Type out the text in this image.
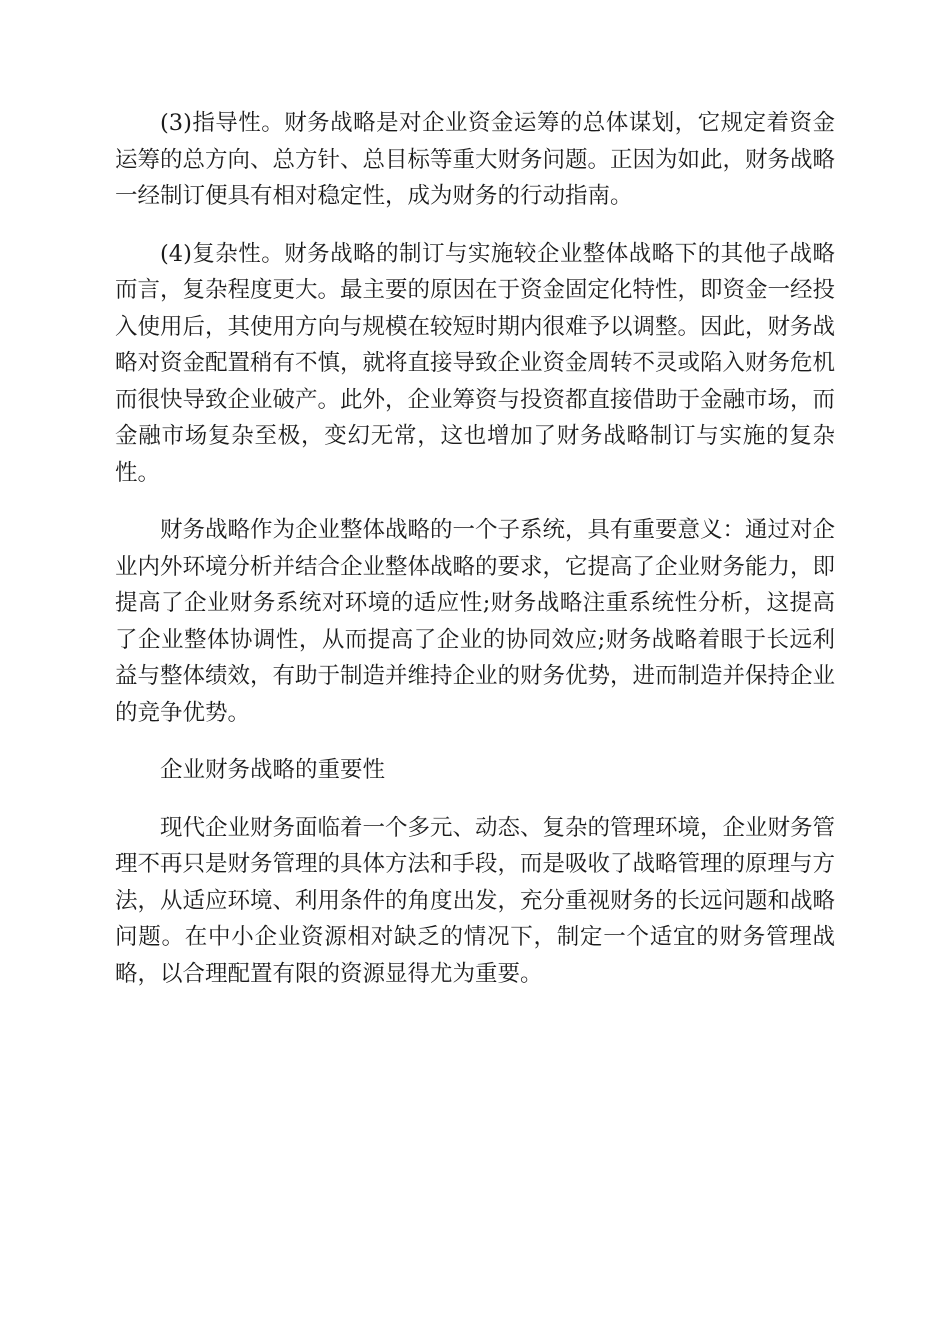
(3)指导性。财务战略是对企业资金运筹的总体谋划，它规定着资金运筹的总方向、总方针、总目标等重大财务问题。正因为如此，财务战略一经制订便具有相对稳定性，成为财务的行动指南。

(4)复杂性。财务战略的制订与实施较企业整体战略下的其他子战略而言，复杂程度更大。最主要的原因在于资金固定化特性，即资金一经投入使用后，其使用方向与规模在较短时期内很难予以调整。因此，财务战略对资金配置稍有不慎，就将直接导致企业资金周转不灵或陷入财务危机而很快导致企业破产。此外，企业筹资与投资都直接借助于金融市场，而金融市场复杂至极，变幻无常，这也增加了财务战略制订与实施的复杂性。

财务战略作为企业整体战略的一个子系统，具有重要意义：通过对企业内外环境分析并结合企业整体战略的要求，它提高了企业财务能力，即提高了企业财务系统对环境的适应性;财务战略注重系统性分析，这提高了企业整体协调性，从而提高了企业的协同效应;财务战略着眼于长远利益与整体绩效，有助于制造并维持企业的财务优势，进而制造并保持企业的竞争优势。

企业财务战略的重要性

现代企业财务面临着一个多元、动态、复杂的管理环境，企业财务管理不再只是财务管理的具体方法和手段，而是吸收了战略管理的原理与方法，从适应环境、利用条件的角度出发，充分重视财务的长远问题和战略问题。在中小企业资源相对缺乏的情况下，制定一个适宜的财务管理战略，以合理配置有限的资源显得尤为重要。
